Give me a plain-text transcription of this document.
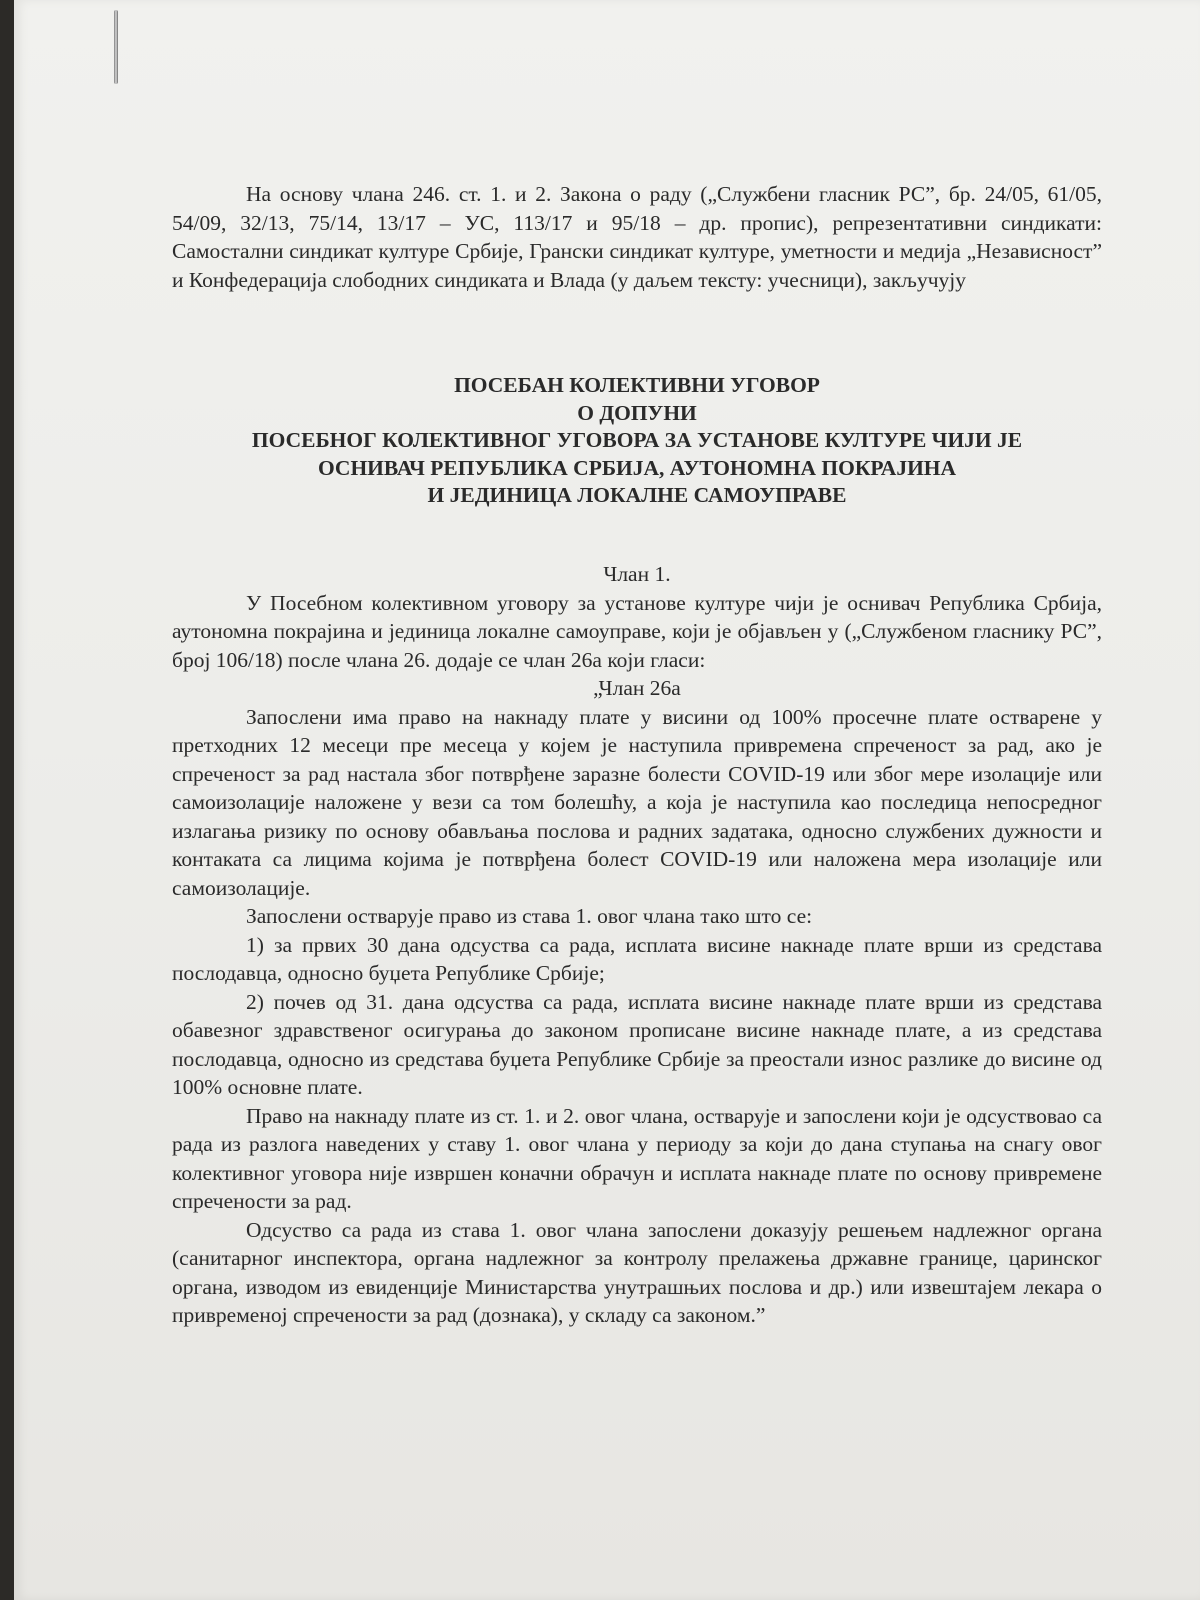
На основу члана 246. ст. 1. и 2. Закона о раду („Службени гласник РС”, бр. 24/05, 61/05, 54/09, 32/13, 75/14, 13/17 – УС, 113/17 и 95/18 – др. пропис), репрезентативни синдикати: Самостални синдикат културе Србије, Грански синдикат културе, уметности и медија „Независност” и Конфедерација слободних синдиката и Влада (у даљем тексту: учесници), закључују

ПОСЕБАН КОЛЕКТИВНИ УГОВОР
О ДОПУНИ
ПОСЕБНОГ КОЛЕКТИВНОГ УГОВОРА ЗА УСТАНОВЕ КУЛТУРЕ ЧИЈИ ЈЕ
ОСНИВАЧ РЕПУБЛИКА СРБИЈА, АУТОНОМНА ПОКРАЈИНА
И ЈЕДИНИЦА ЛОКАЛНЕ САМОУПРАВЕ

Члан 1.

У Посебном колективном уговору за установе културе чији је оснивач Република Србија, аутономна покрајина и јединица локалне самоуправе, који је објављен у („Службеном гласнику РС”, број 106/18) после члана 26. додаје се члан 26а који гласи:

„Члан 26а

Запослени има право на накнаду плате у висини од 100% просечне плате остварене у претходних 12 месеци пре месеца у којем је наступила привремена спреченост за рад, ако је спреченост за рад настала због потврђене заразне болести COVID-19 или због мере изолације или самоизолације наложене у вези са том болешћу, а која је наступила као последица непосредног излагања ризику по основу обављања послова и радних задатака, односно службених дужности и контаката са лицима којима је потврђена болест COVID-19 или наложена мера изолације или самоизолације.

Запослени остварује право из става 1. овог члана тако што се:

1) за првих 30 дана одсуства са рада, исплата висине накнаде плате врши из средстава послодавца, односно буџета Републике Србије;

2) почев од 31. дана одсуства са рада, исплата висине накнаде плате врши из средстава обавезног здравственог осигурања до законом прописане висине накнаде плате, а из средстава послодавца, односно из средстава буџета Републике Србије за преостали износ разлике до висине од 100% основне плате.

Право на накнаду плате из ст. 1. и 2. овог члана, остварује и запослени који је одсуствовао са рада из разлога наведених у ставу 1. овог члана у периоду за који до дана ступања на снагу овог колективног уговора није извршен коначни обрачун и исплата накнаде плате по основу привремене спречености за рад.

Одсуство са рада из става 1. овог члана запослени доказују решењем надлежног органа (санитарног инспектора, органа надлежног за контролу прелажења државне границе, царинског органа, изводом из евиденције Министарства унутрашњих послова и др.) или извештајем лекара о привременој спречености за рад (дознака), у складу са законом.”
